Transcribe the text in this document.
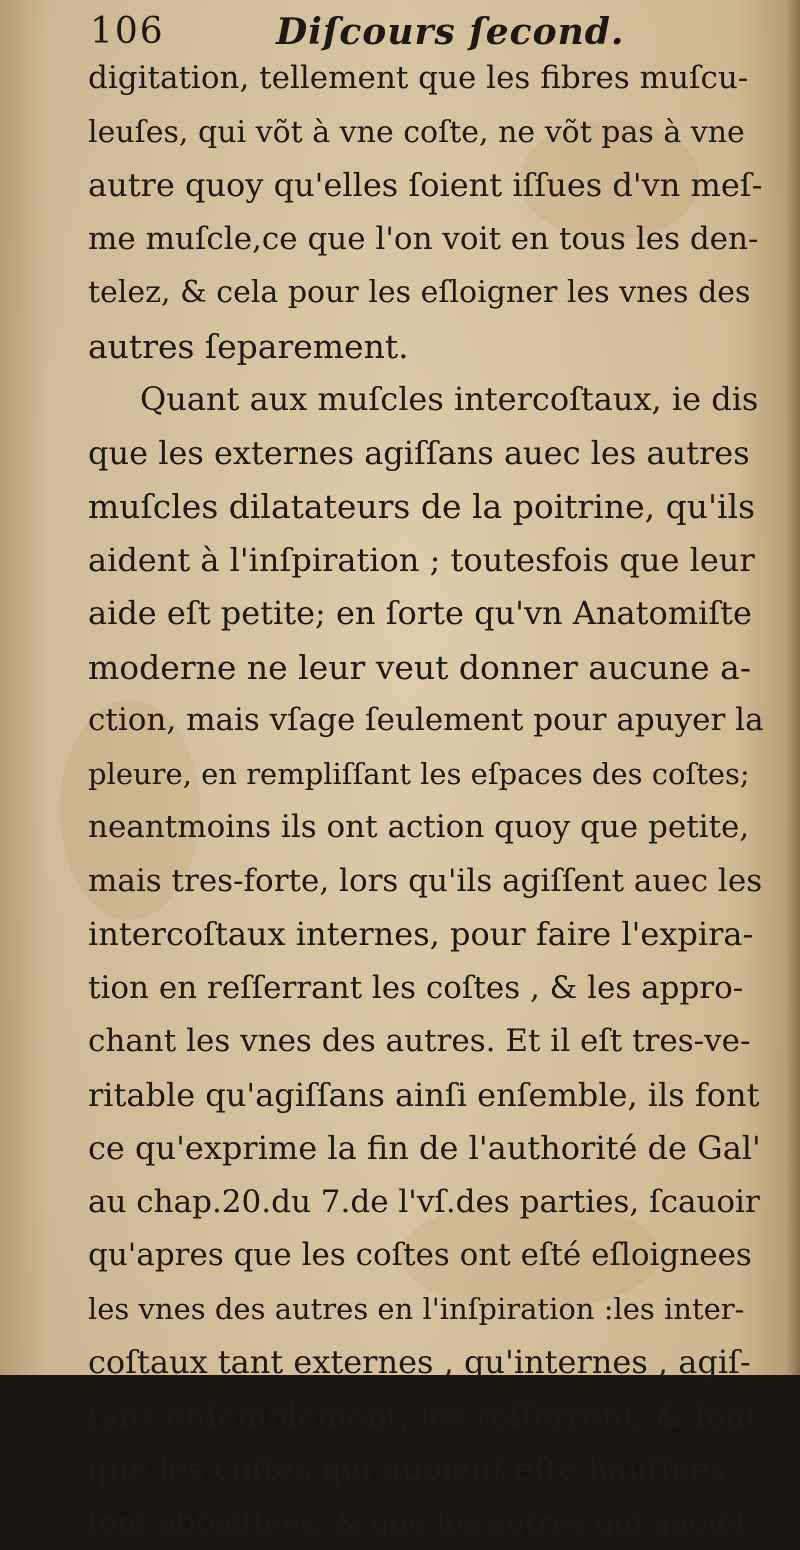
106	Diſcours ſecond.
digitation, tellement que les fibres muſcu-
leuſes, qui võt à vne coſte, ne võt pas à vne
autre quoy qu'elles ſoient iſſues d'vn meſ-
me muſcle,ce que l'on voit en tous les den-
telez, & cela pour les eſloigner les vnes des
autres ſeparement.
Quant aux muſcles intercoſtaux, ie dis
que les externes agiſſans auec les autres
muſcles dilatateurs de la poitrine, qu'ils
aident à l'inſpiration ; toutesfois que leur
aide eſt petite; en ſorte qu'vn Anatomiſte
moderne ne leur veut donner aucune a-
ction, mais vſage ſeulement pour apuyer la
pleure, en rempliſſant les eſpaces des coſtes;
neantmoins ils ont action quoy que petite,
mais tres-forte, lors qu'ils agiſſent auec les
intercoſtaux internes, pour faire l'expira-
tion en reſſerrant les coſtes , & les appro-
chant les vnes des autres. Et il eſt tres-ve-
ritable qu'agiſſans ainſi enſemble, ils font
ce qu'exprime la fin de l'authorité de Gal'
au chap.20.du 7.de l'vſ.des parties, ſcauoir
qu'apres que les coſtes ont eſté eſloignees
les vnes des autres en l'inſpiration :les inter-
coſtaux tant externes , qu'internes , agiſ-
ſans enſemblement, les reſſerrent, & font
que les coſtes qui auoient eſté hauſſees ,
ſont abbaiſſees, & que les autres qui auoiẽt
